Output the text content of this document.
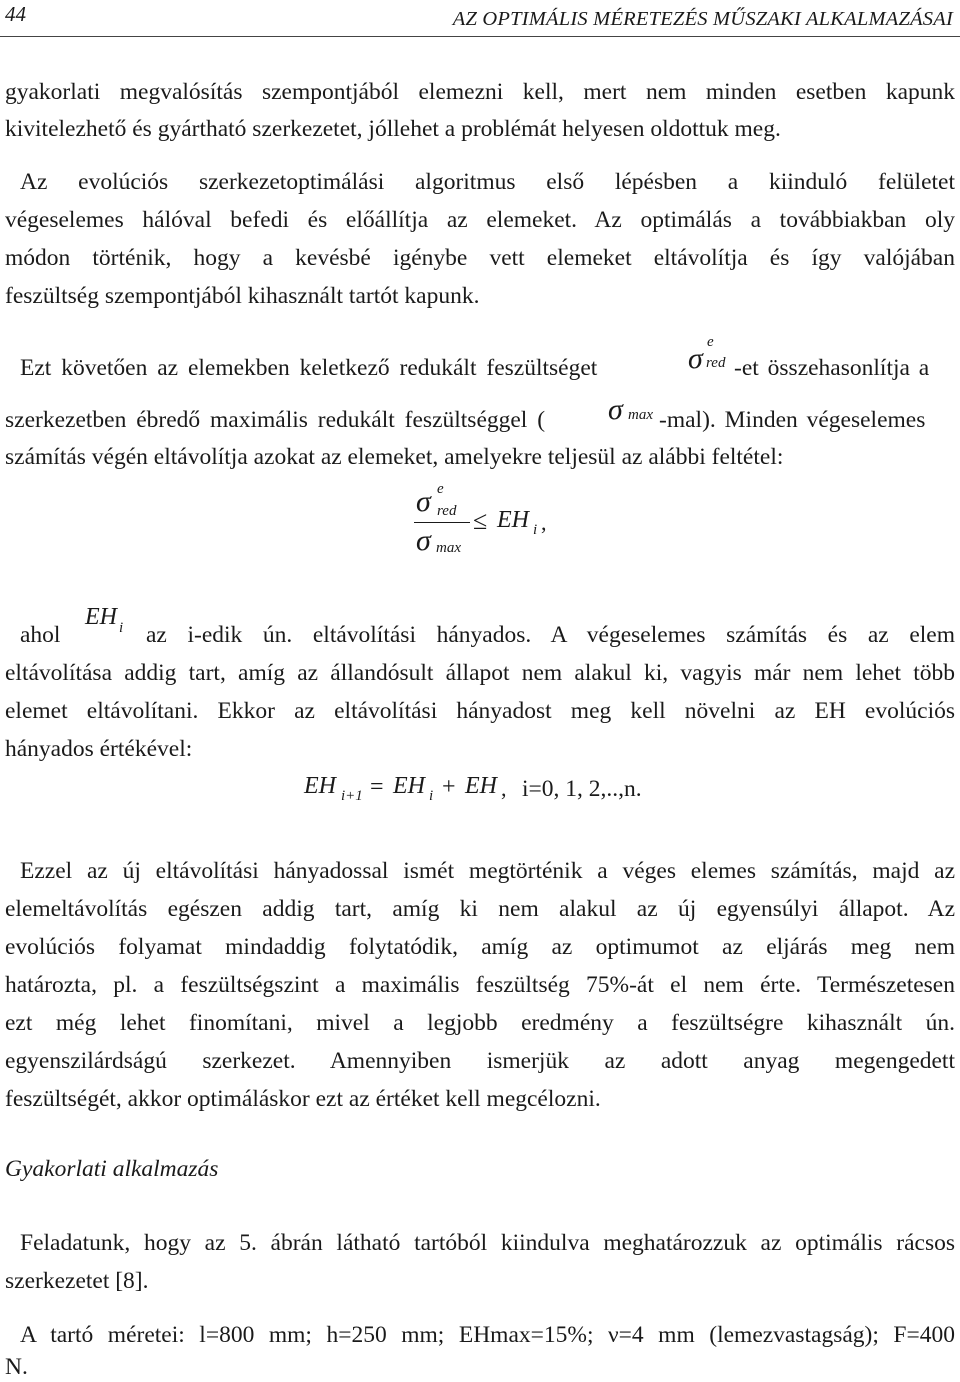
44	AZ OPTIMÁLIS MÉRETEZÉS MŰSZAKI ALKALMAZÁSAI
gyakorlati megvalósítás szempontjából elemezni kell, mert nem minden esetben kapunk
kivitelezhető és gyártható szerkezetet, jóllehet a problémát helyesen oldottuk meg.
Az evolúciós szerkezetoptimálási algoritmus első lépésben a kiinduló felületet
végeselemes hálóval befedi és előállítja az elemeket. Az optimálás a továbbiakban oly
módon történik, hogy a kevésbé igénybe vett elemeket eltávolítja és így valójában
feszültség szempontjából kihasznált tartót kapunk.
Ezt követően az elemekben keletkező redukált feszültséget	σ e
red -et összehasonlítja a
szerkezetben ébredő maximális redukált feszültséggel ( σ max -mal). Minden végeselemes
számítás végén eltávolítja azokat az elemeket, amelyekre teljesül az alábbi feltétel:
σ e
red
σ max
≤ EH i ,
ahol
EH i az i-edik ún. eltávolítási hányados. A végeselemes számítás és az elem
eltávolítása addig tart, amíg az állandósult állapot nem alakul ki, vagyis már nem lehet több
elemet eltávolítani. Ekkor az eltávolítási hányadost meg kell növelni az EH evolúciós
hányados értékével:
EH i+1 = EH i + EH , i=0, 1, 2,..,n.
Ezzel az új eltávolítási hányadossal ismét megtörténik a véges elemes számítás, majd az
elemeltávolítás egészen addig tart, amíg ki nem alakul az új egyensúlyi állapot. Az
evolúciós folyamat mindaddig folytatódik, amíg az optimumot az eljárás meg nem
határozta, pl. a feszültségszint a maximális feszültség 75%-át el nem érte. Természetesen
ezt még lehet finomítani, mivel a legjobb eredmény a feszültségre kihasznált ún.
egyenszilárdságú szerkezet. Amennyiben ismerjük az adott anyag megengedett
feszültségét, akkor optimáláskor ezt az értéket kell megcélozni.
Gyakorlati alkalmazás
Feladatunk, hogy az 5. ábrán látható tartóból kiindulva meghatározzuk az optimális rácsos
szerkezetet [8].
A tartó méretei: l=800 mm; h=250 mm; EHmax=15%; ν=4 mm (lemezvastagság); F=400
N.
